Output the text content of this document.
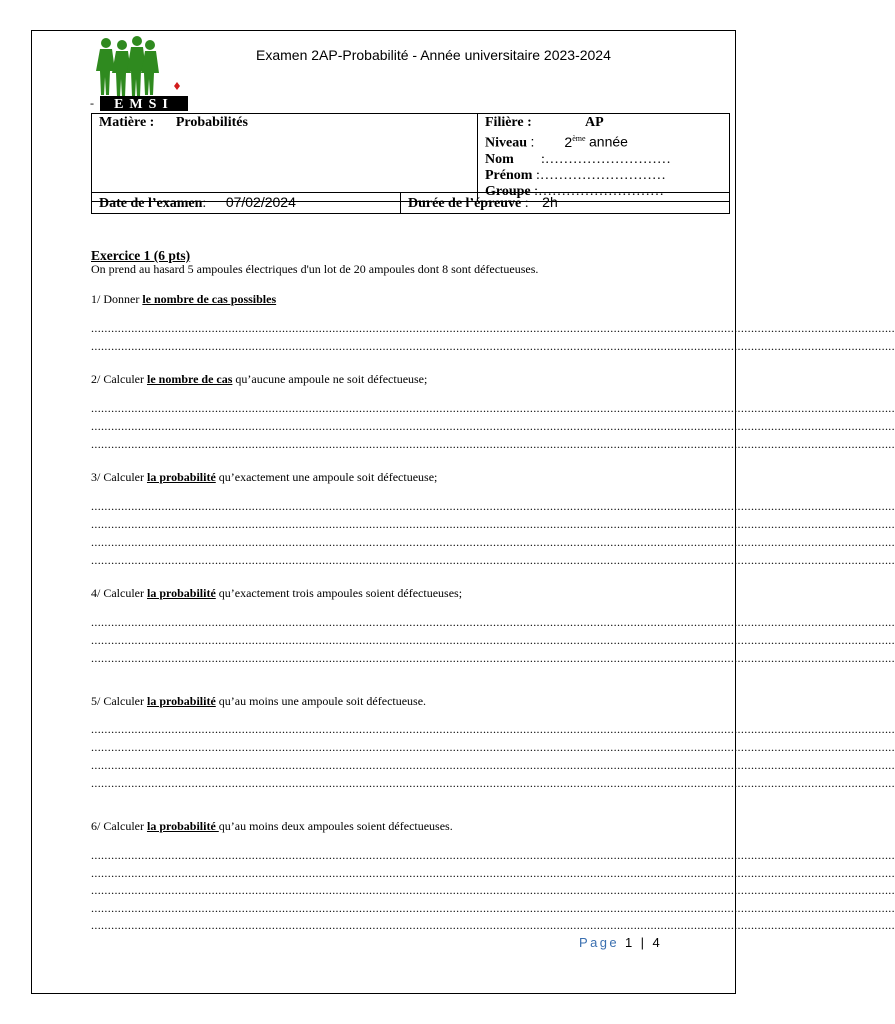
EMSI
-
Examen 2AP-Probabilité - Année universitaire 2023-2024
Matière : Probabilités	Filière :	AP
Niveau : 2ème année
Nom :………………………
Prénom :………………………
Groupe :………………………
Date de l’examen: 07/02/2024	Durée de l’épreuve : 2h
Exercice 1 (6 pts)
On prend au hasard 5 ampoules électriques d'un lot de 20 ampoules dont 8 sont défectueuses.
1/ Donner le nombre de cas possibles
2/ Calculer le nombre de cas qu’aucune ampoule ne soit défectueuse;
3/ Calculer la probabilité qu’exactement une ampoule soit défectueuse;
4/ Calculer la probabilité qu’exactement trois ampoules soient défectueuses;
5/ Calculer la probabilité qu’au moins une ampoule soit défectueuse.
6/ Calculer la probabilité qu’au moins deux ampoules soient défectueuses.
................................................................................................................................................................................................................................................
................................................................................................................................................................................................................................................
................................................................................................................................................................................................................................................
................................................................................................................................................................................................................................................
................................................................................................................................................................................................................................................
................................................................................................................................................................................................................................................
................................................................................................................................................................................................................................................
................................................................................................................................................................................................................................................
................................................................................................................................................................................................................................................
................................................................................................................................................................................................................................................
................................................................................................................................................................................................................................................
................................................................................................................................................................................................................................................
................................................................................................................................................................................................................................................
................................................................................................................................................................................................................................................
................................................................................................................................................................................................................................................
................................................................................................................................................................................................................................................
................................................................................................................................................................................................................................................
................................................................................................................................................................................................................................................
................................................................................................................................................................................................................................................
................................................................................................................................................................................................................................................
................................................................................................................................................................................................................................................
Page 1 | 4
